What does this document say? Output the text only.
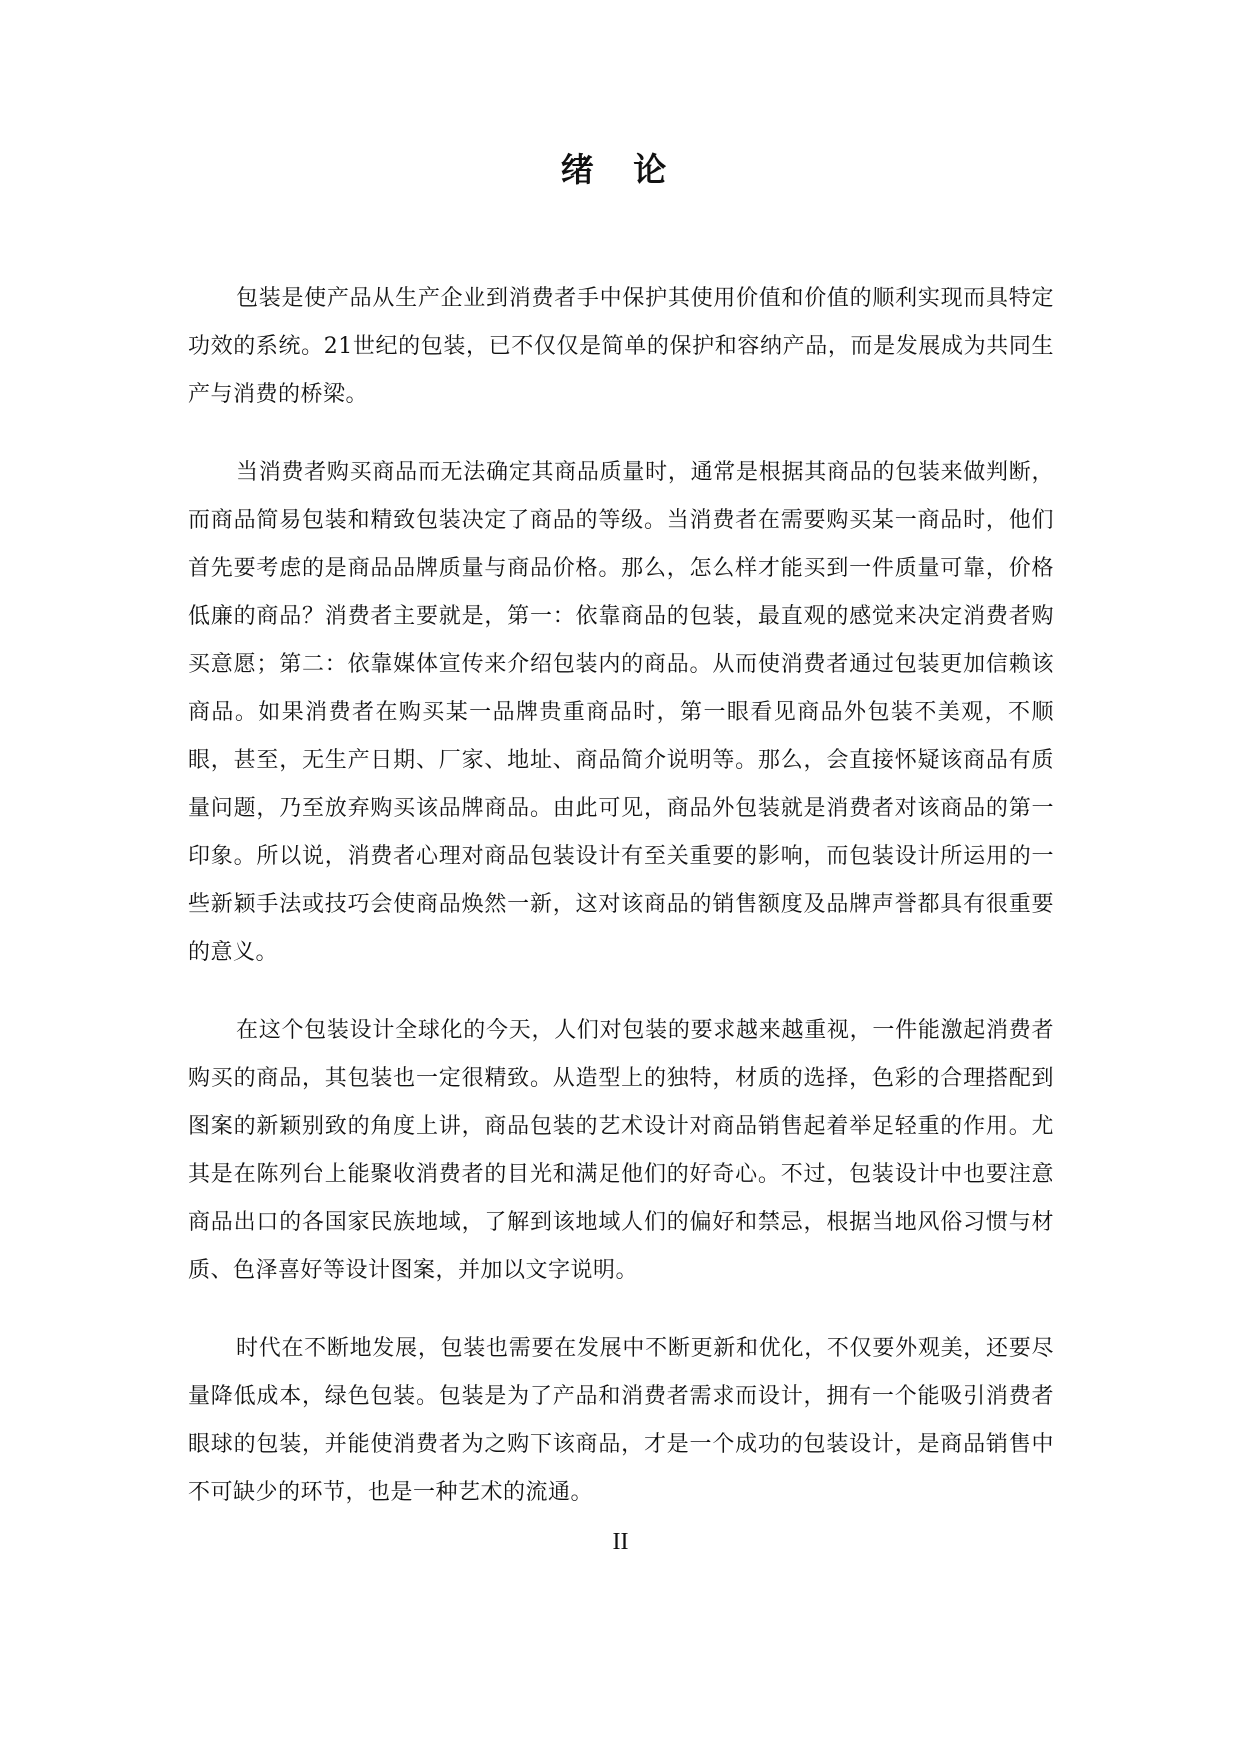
绪 论

包装是使产品从生产企业到消费者手中保护其使用价值和价值的顺利实现而具特定功效的系统。21世纪的包装，已不仅仅是简单的保护和容纳产品，而是发展成为共同生产与消费的桥梁。

当消费者购买商品而无法确定其商品质量时，通常是根据其商品的包装来做判断，而商品简易包装和精致包装决定了商品的等级。当消费者在需要购买某一商品时，他们首先要考虑的是商品品牌质量与商品价格。那么，怎么样才能买到一件质量可靠，价格低廉的商品？消费者主要就是，第一：依靠商品的包装，最直观的感觉来决定消费者购买意愿；第二：依靠媒体宣传来介绍包装内的商品。从而使消费者通过包装更加信赖该商品。如果消费者在购买某一品牌贵重商品时，第一眼看见商品外包装不美观，不顺眼，甚至，无生产日期、厂家、地址、商品简介说明等。那么，会直接怀疑该商品有质量问题，乃至放弃购买该品牌商品。由此可见，商品外包装就是消费者对该商品的第一印象。所以说，消费者心理对商品包装设计有至关重要的影响，而包装设计所运用的一些新颖手法或技巧会使商品焕然一新，这对该商品的销售额度及品牌声誉都具有很重要的意义。

在这个包装设计全球化的今天，人们对包装的要求越来越重视，一件能激起消费者购买的商品，其包装也一定很精致。从造型上的独特，材质的选择，色彩的合理搭配到图案的新颖别致的角度上讲，商品包装的艺术设计对商品销售起着举足轻重的作用。尤其是在陈列台上能聚收消费者的目光和满足他们的好奇心。不过，包装设计中也要注意商品出口的各国家民族地域，了解到该地域人们的偏好和禁忌，根据当地风俗习惯与材质、色泽喜好等设计图案，并加以文字说明。

时代在不断地发展，包装也需要在发展中不断更新和优化，不仅要外观美，还要尽量降低成本，绿色包装。包装是为了产品和消费者需求而设计，拥有一个能吸引消费者眼球的包装，并能使消费者为之购下该商品，才是一个成功的包装设计，是商品销售中不可缺少的环节，也是一种艺术的流通。

II
